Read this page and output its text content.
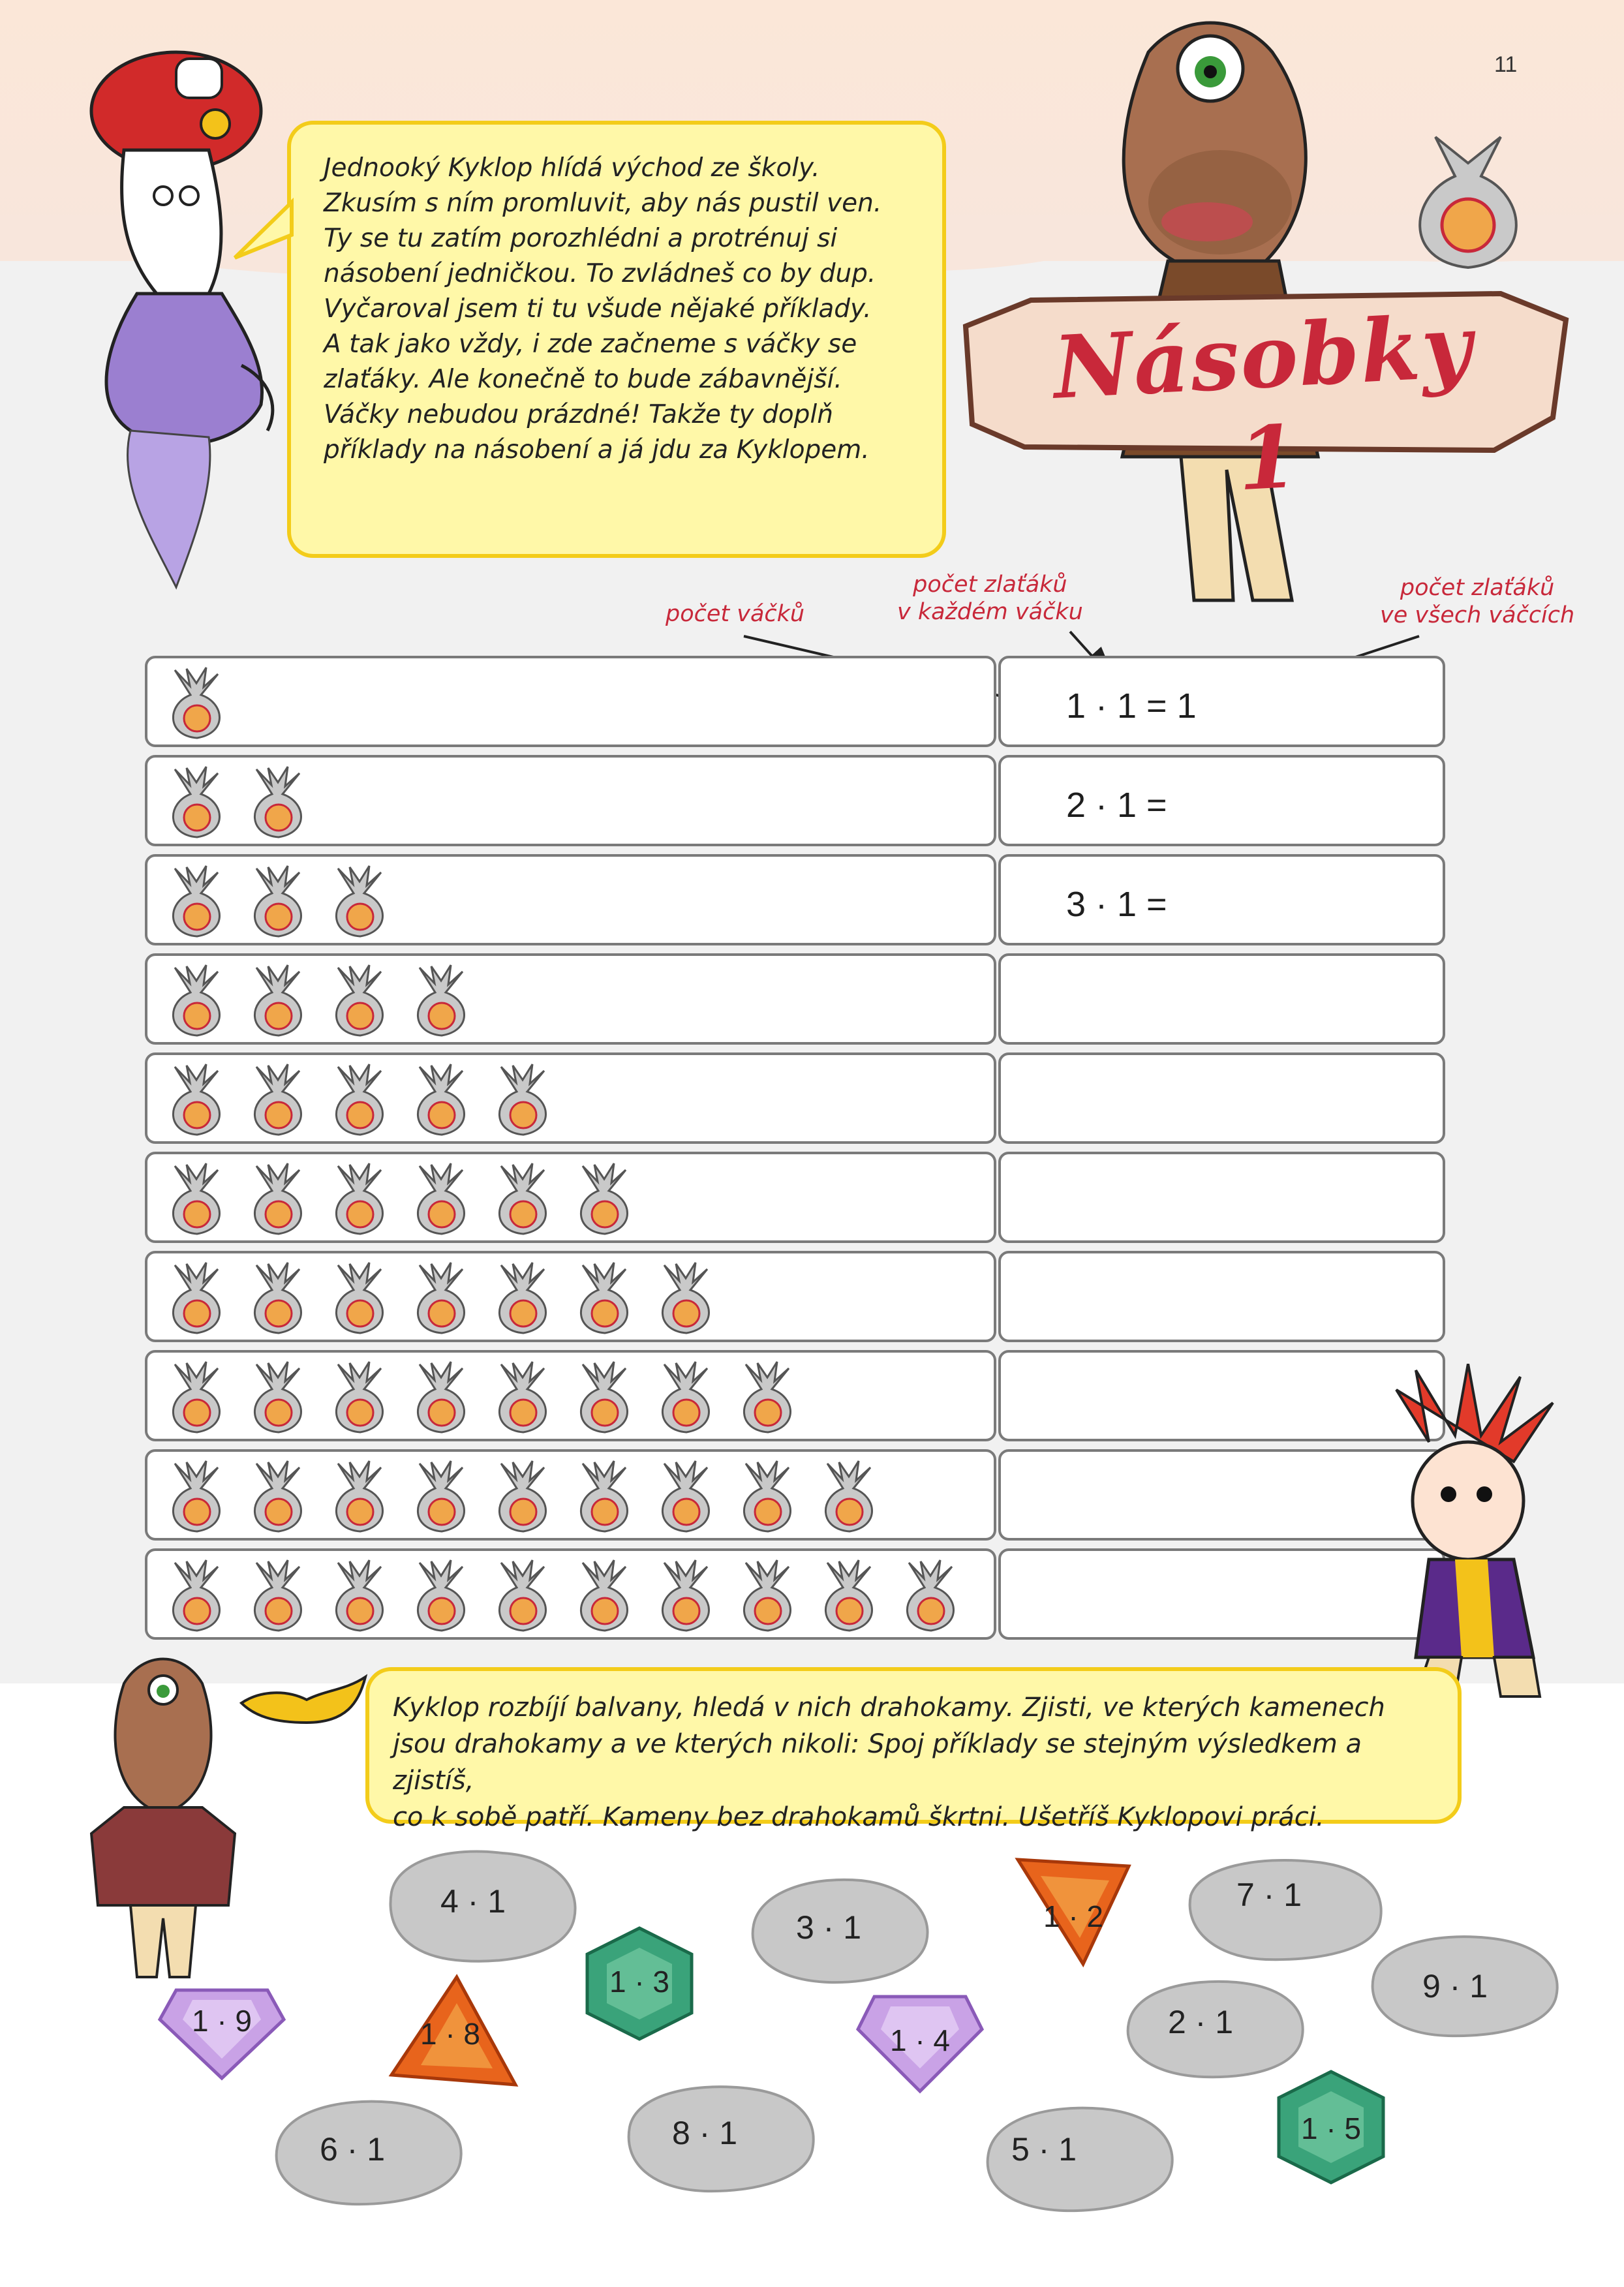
11

Jednooký Kyklop hlídá východ ze školy.

Zkusím s ním promluvit, aby nás pustil ven.

Ty se tu zatím porozhlédni a protrénuj si

násobení jedničkou. To zvládneš co by dup.

Vyčaroval jsem ti tu všude nějaké příklady.

A tak jako vždy, i zde začneme s váčky se

zlaťáky. Ale konečně to bude zábavnější.

Váčky nebudou prázdné! Takže ty doplň

příklady na násobení a já jdu za Kyklopem.

Násobky 1
počet váčků
počet zlaťáků
v každém váčku
počet zlaťáků
ve všech váčcích
1 · 1 = 1
2 · 1 =
3 · 1 =

Kyklop rozbíjí balvany, hledá v nich drahokamy. Zjisti, ve kterých kamenech

jsou drahokamy a ve kterých nikoli: Spoj příklady se stejným výsledkem a zjistíš,

co k sobě patří. Kameny bez drahokamů škrtni. Ušetříš Kyklopovi práci.

4 · 1
3 · 1
7 · 1
9 · 1
2 · 1
6 · 1	8 · 1	5 · 1
1 · 2
1 · 3
1 · 9	1 · 8	1 · 4
1 · 5
